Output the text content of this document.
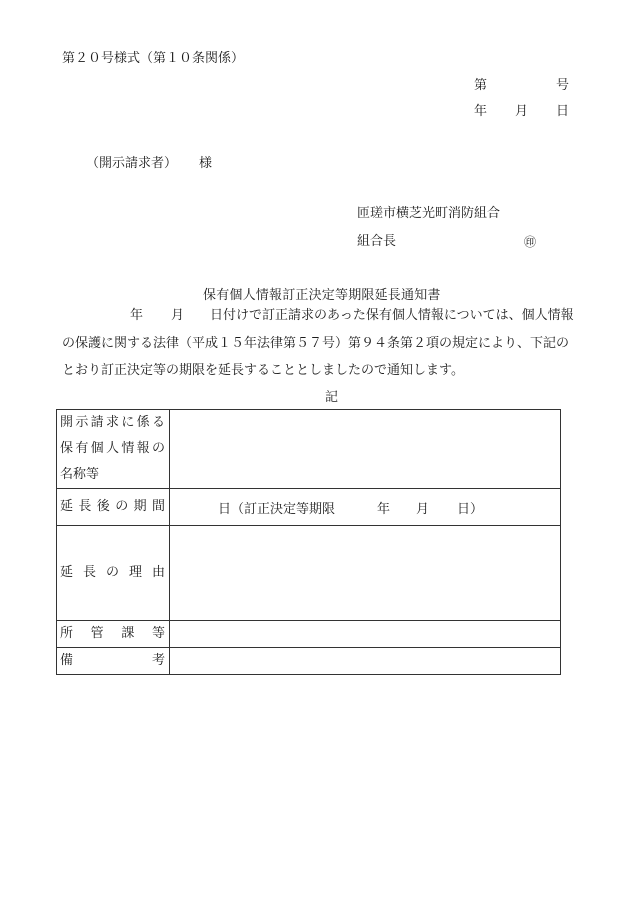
第２０号様式（第１０条関係）
第	号
年 月 日
（開示請求者） 様
匝瑳市横芝光町消防組合
組合長	㊞
保有個人情報訂正決定等期限延長通知書
年 月 日付けで訂正請求のあった保有個人情報については、個人情報
の保護に関する法律（平成１５年法律第５７号）第９４条第２項の規定により、下記の
とおり訂正決定等の期限を延長することとしましたので通知します。
記
開示請求に係る
保有個人情報の
名称等	

延長後の期間	日（訂正決定等期限 年 月 日）

延長の理由	

所管課等	

備考	
